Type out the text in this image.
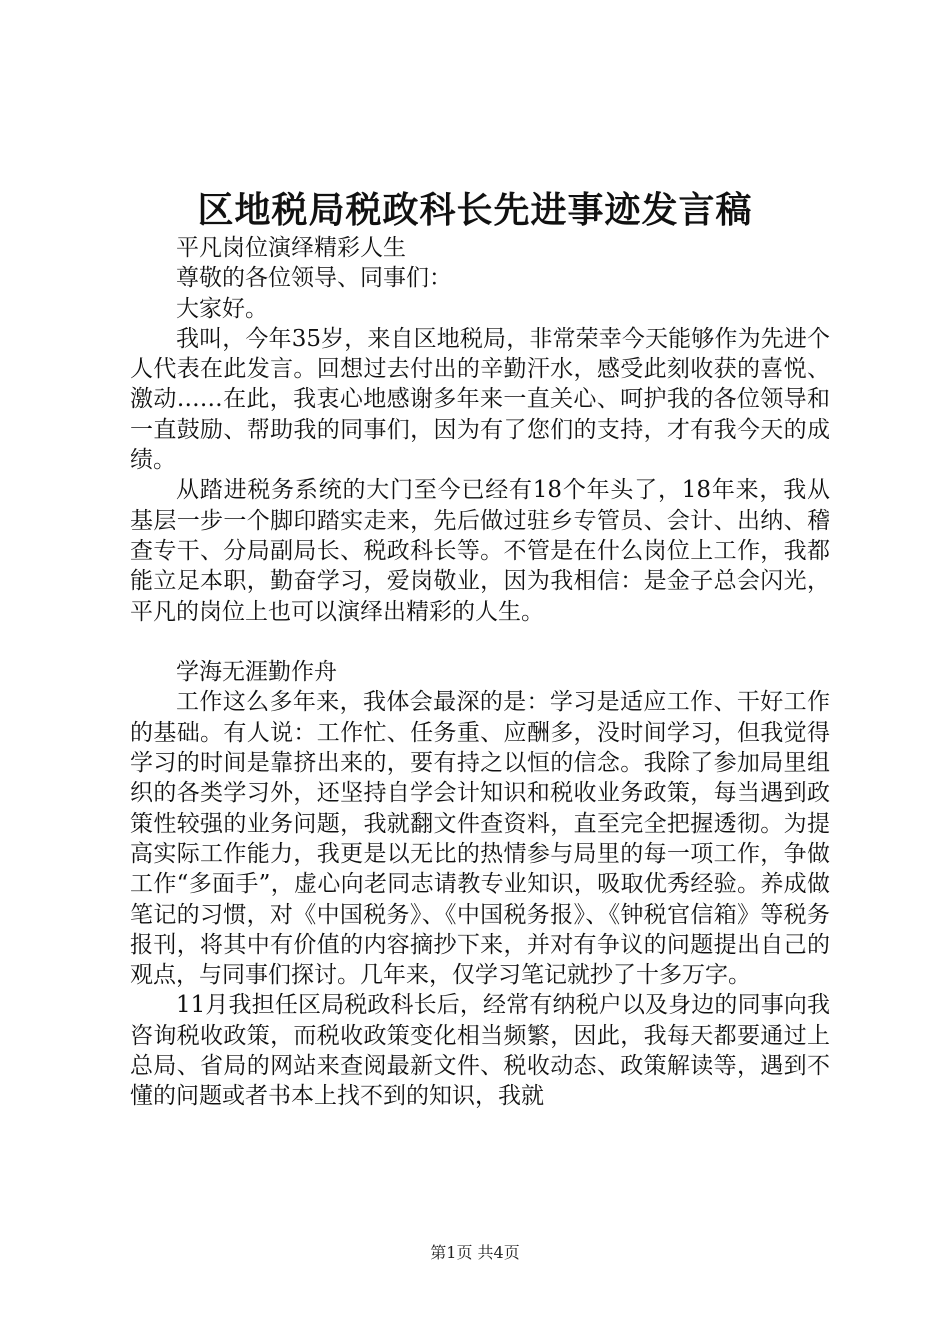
区地税局税政科长先进事迹发言稿

平凡岗位演绎精彩人生

尊敬的各位领导、同事们：

大家好。

我叫，今年35岁，来自区地税局，非常荣幸今天能够作为先进个人代表在此发言。回想过去付出的辛勤汗水，感受此刻收获的喜悦、激动……在此，我衷心地感谢多年来一直关心、呵护我的各位领导和一直鼓励、帮助我的同事们，因为有了您们的支持，才有我今天的成绩。

从踏进税务系统的大门至今已经有18个年头了，18年来，我从基层一步一个脚印踏实走来，先后做过驻乡专管员、会计、出纳、稽查专干、分局副局长、税政科长等。不管是在什么岗位上工作，我都能立足本职，勤奋学习，爱岗敬业，因为我相信：是金子总会闪光，平凡的岗位上也可以演绎出精彩的人生。

学海无涯勤作舟

工作这么多年来，我体会最深的是：学习是适应工作、干好工作的基础。有人说：工作忙、任务重、应酬多，没时间学习，但我觉得学习的时间是靠挤出来的，要有持之以恒的信念。我除了参加局里组织的各类学习外，还坚持自学会计知识和税收业务政策，每当遇到政策性较强的业务问题，我就翻文件查资料，直至完全把握透彻。为提高实际工作能力，我更是以无比的热情参与局里的每一项工作，争做工作“多面手”，虚心向老同志请教专业知识，吸取优秀经验。养成做笔记的习惯，对《中国税务》、《中国税务报》、《钟税官信箱》等税务报刊，将其中有价值的内容摘抄下来，并对有争议的问题提出自己的观点，与同事们探讨。几年来，仅学习笔记就抄了十多万字。

11月我担任区局税政科长后，经常有纳税户以及身边的同事向我咨询税收政策，而税收政策变化相当频繁，因此，我每天都要通过上总局、省局的网站来查阅最新文件、税收动态、政策解读等，遇到不懂的问题或者书本上找不到的知识，我就

第1页 共4页
